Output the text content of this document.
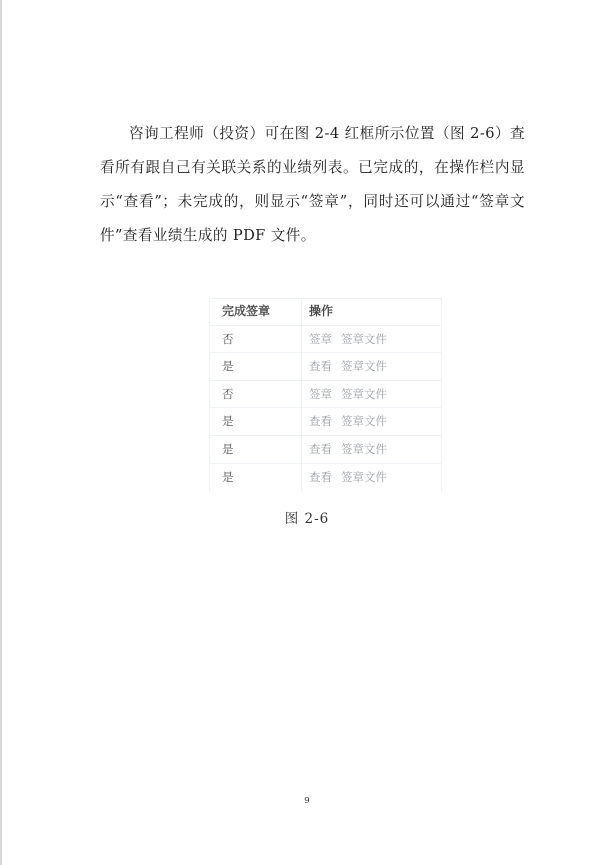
咨询工程师（投资）可在图 2-4 红框所示位置（图 2-6）查看所有跟自己有关联关系的业绩列表。已完成的，在操作栏内显示“查看”；未完成的，则显示“签章”，同时还可以通过“签章文件”查看业绩生成的 PDF 文件。

完成签章	操作
否	签章 签章文件
是	查看 签章文件
否	签章 签章文件
是	查看 签章文件
是	查看 签章文件
是	查看 签章文件
图 2-6
9
